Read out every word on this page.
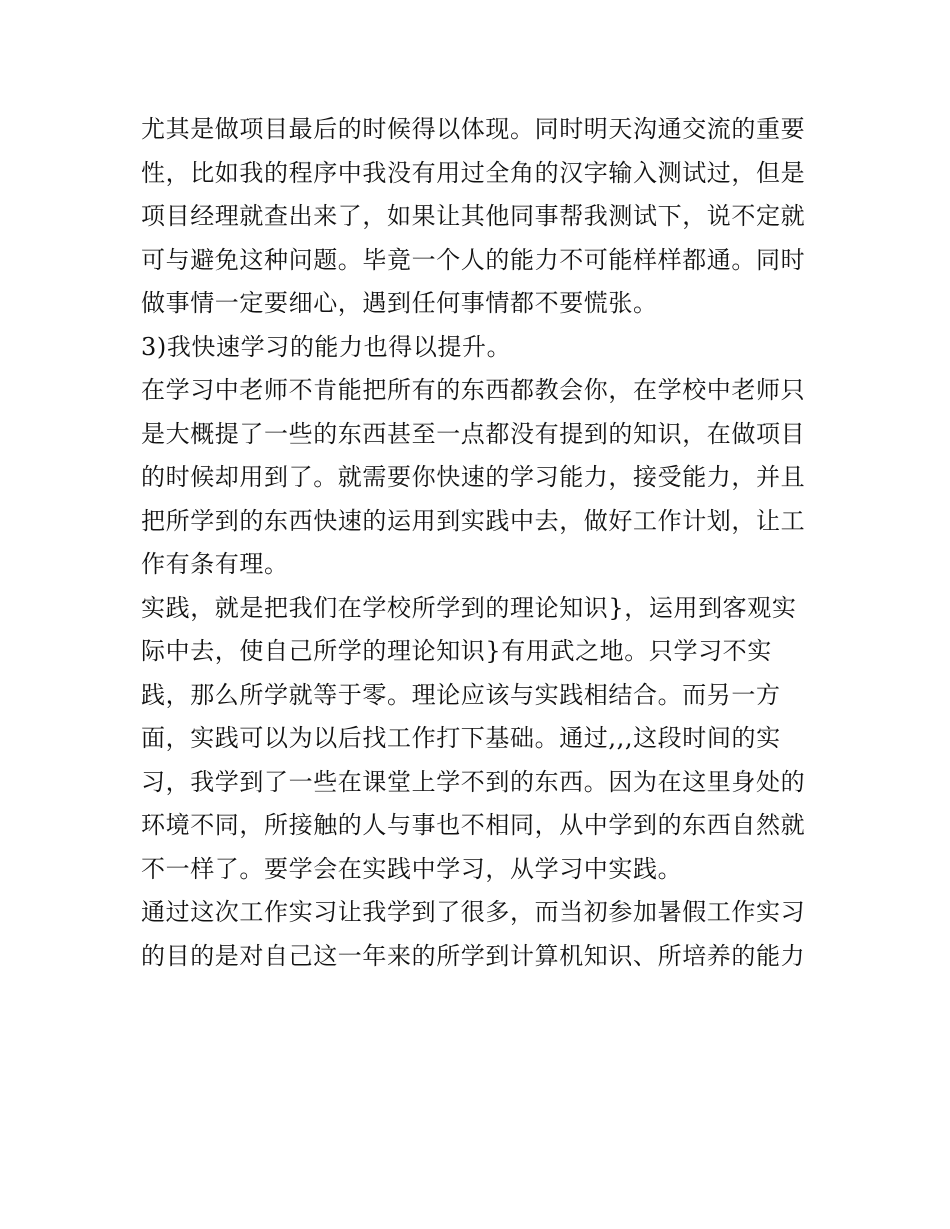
尤其是做项目最后的时候得以体现。同时明天沟通交流的重要
性，比如我的程序中我没有用过全角的汉字输入测试过，但是
项目经理就查出来了，如果让其他同事帮我测试下，说不定就
可与避免这种问题。毕竟一个人的能力不可能样样都通。同时
做事情一定要细心，遇到任何事情都不要慌张。
3)我快速学习的能力也得以提升。
在学习中老师不肯能把所有的东西都教会你，在学校中老师只
是大概提了一些的东西甚至一点都没有提到的知识，在做项目
的时候却用到了。就需要你快速的学习能力，接受能力，并且
把所学到的东西快速的运用到实践中去，做好工作计划，让工
作有条有理。
实践，就是把我们在学校所学到的理论知识}，运用到客观实
际中去，使自己所学的理论知识}有用武之地。只学习不实
践，那么所学就等于零。理论应该与实践相结合。而另一方
面，实践可以为以后找工作打下基础。通过,,,这段时间的实
习，我学到了一些在课堂上学不到的东西。因为在这里身处的
环境不同，所接触的人与事也不相同，从中学到的东西自然就
不一样了。要学会在实践中学习，从学习中实践。
通过这次工作实习让我学到了很多，而当初参加暑假工作实习
的目的是对自己这一年来的所学到计算机知识、所培养的能力
